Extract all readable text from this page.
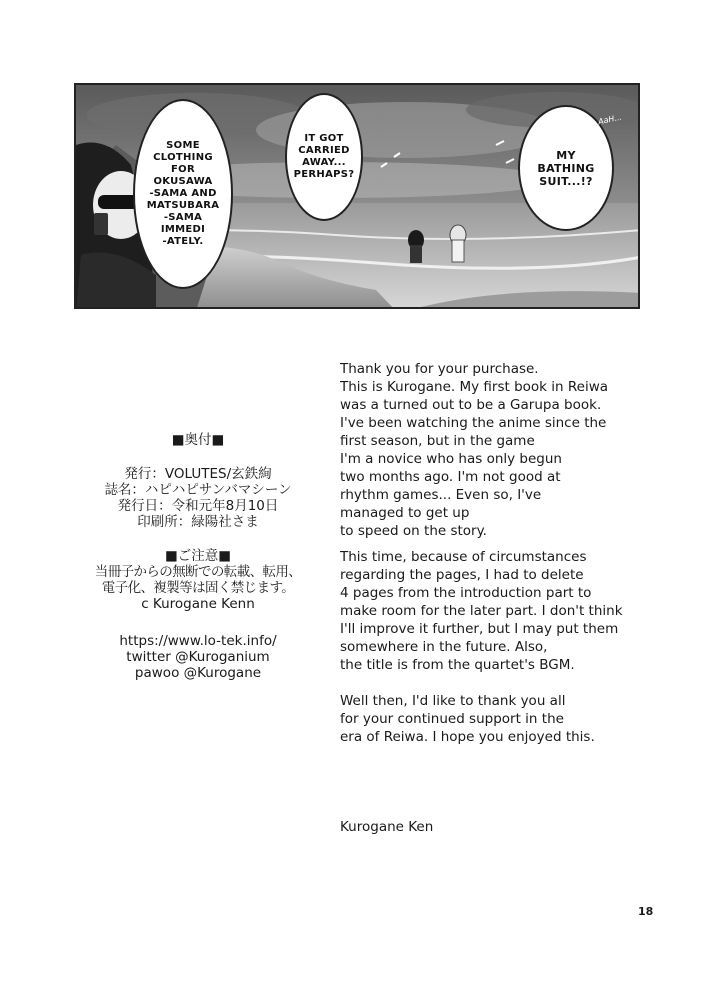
SOME
CLOTHING FOR
OKUSAWA
-SAMA AND
MATSUBARA
-SAMA IMMEDI
-ATELY.
IT GOT
CARRIED
AWAY...
PERHAPS?
MY
BATHING
SUIT...!?
AaH...
■奥付■
発行：VOLUTES/玄鉄絢
誌名：ハピハピサンバマシーン
発行日：令和元年8月10日
印刷所：緑陽社さま
■ご注意■
当冊子からの無断での転載、転用、
電子化、複製等は固く禁じます。
c Kurogane Kenn
https://www.lo-tek.info/
twitter @Kuroganium
pawoo @Kurogane
Thank you for your purchase.
This is Kurogane. My first book in Reiwa
was a turned out to be a Garupa book.
I've been watching the anime since the
first season, but in the game
I'm a novice who has only begun
two months ago. I'm not good at
rhythm games... Even so, I've
managed to get up
to speed on the story.
This time, because of circumstances
regarding the pages, I had to delete
4 pages from the introduction part to
make room for the later part. I don't think
I'll improve it further, but I may put them
somewhere in the future. Also,
the title is from the quartet's BGM.
Well then, I'd like to thank you all
for your continued support in the
era of Reiwa. I hope you enjoyed this.
Kurogane Ken
18
